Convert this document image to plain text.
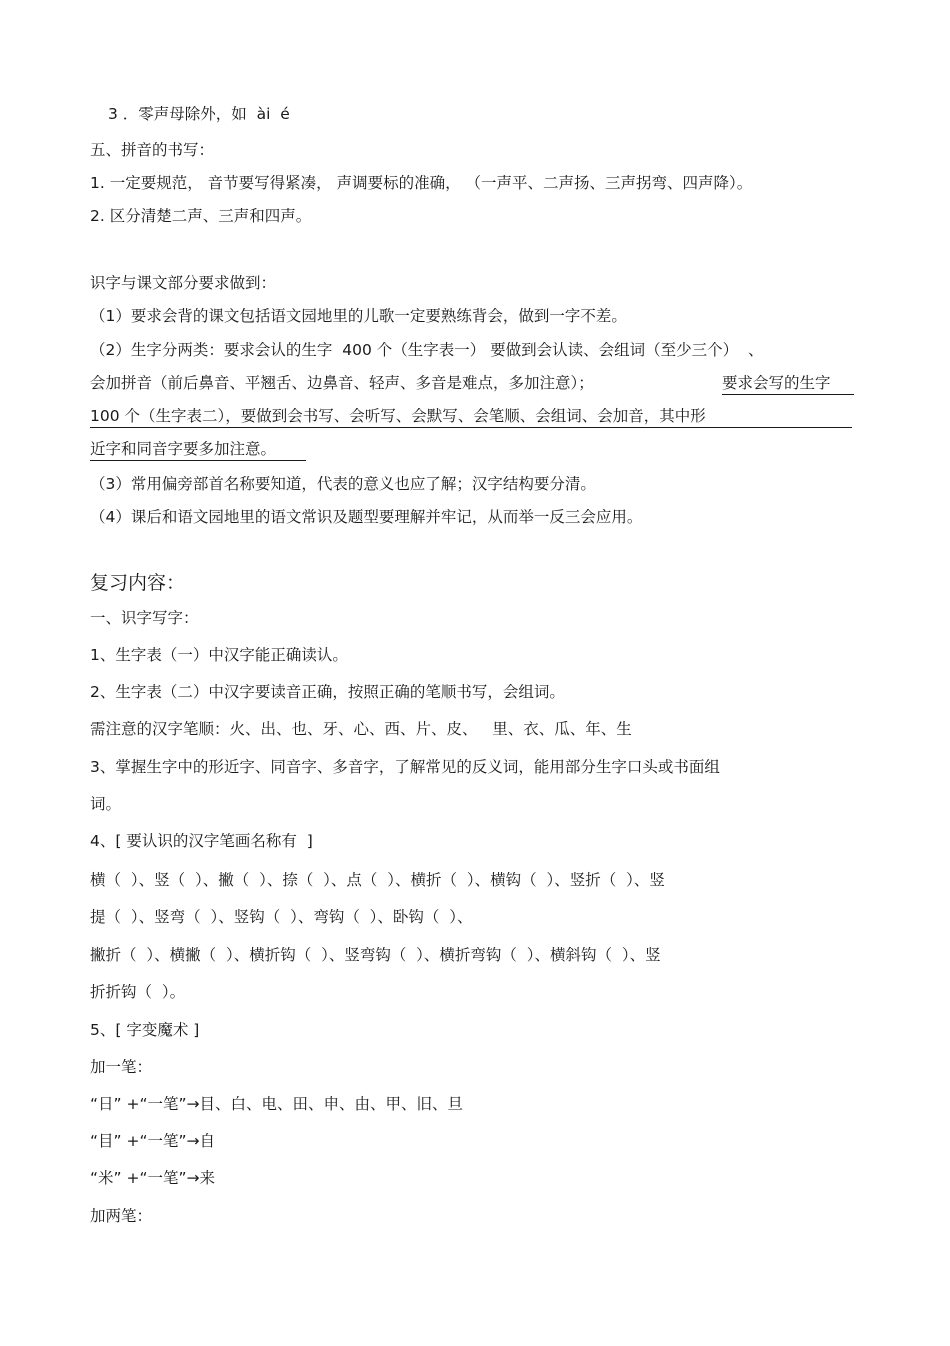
3 ．零声母除外，如  ài  é
五、拼音的书写：
1. 一定要规范， 音节要写得紧凑， 声调要标的准确， （一声平、二声扬、三声拐弯、四声降）。
2. 区分清楚二声、三声和四声。
识字与课文部分要求做到：
（1）要求会背的课文包括语文园地里的儿歌一定要熟练背会，做到一字不差。
（2）生字分两类：要求会认的生字  400 个（生字表一） 要做到会认读、会组词（至少三个）  、
会加拼音（前后鼻音、平翘舌、边鼻音、轻声、多音是难点，多加注意）；	要求会写的生字
100 个（生字表二），要做到会书写、会听写、会默写、会笔顺、会组词、会加音，其中形
近字和同音字要多加注意。
（3）常用偏旁部首名称要知道，代表的意义也应了解；汉字结构要分清。
（4）课后和语文园地里的语文常识及题型要理解并牢记，从而举一反三会应用。
复习内容：
一、识字写字：
1、生字表（一）中汉字能正确读认。
2、生字表（二）中汉字要读音正确，按照正确的笔顺书写，会组词。
需注意的汉字笔顺：火、出、也、牙、心、西、片、皮、   里、衣、瓜、年、生
3、掌握生字中的形近字、同音字、多音字，了解常见的反义词，能用部分生字口头或书面组
词。
4、[ 要认识的汉字笔画名称有  ]
横（  ）、竖（  ）、撇（  ）、捺（  ）、点（  ）、横折（  ）、横钩（  ）、竖折（  ）、竖
提（  ）、竖弯（  ）、竖钩（  ）、弯钩（  ）、卧钩（  ）、
撇折（  ）、横撇（  ）、横折钩（  ）、竖弯钩（  ）、横折弯钩（  ）、横斜钩（  ）、竖
折折钩（  ）。
5、[ 字变魔术 ]
加一笔：
“日” +“一笔”→目、白、电、田、申、由、甲、旧、旦
“目” +“一笔”→自
“米” +“一笔”→来
加两笔：
